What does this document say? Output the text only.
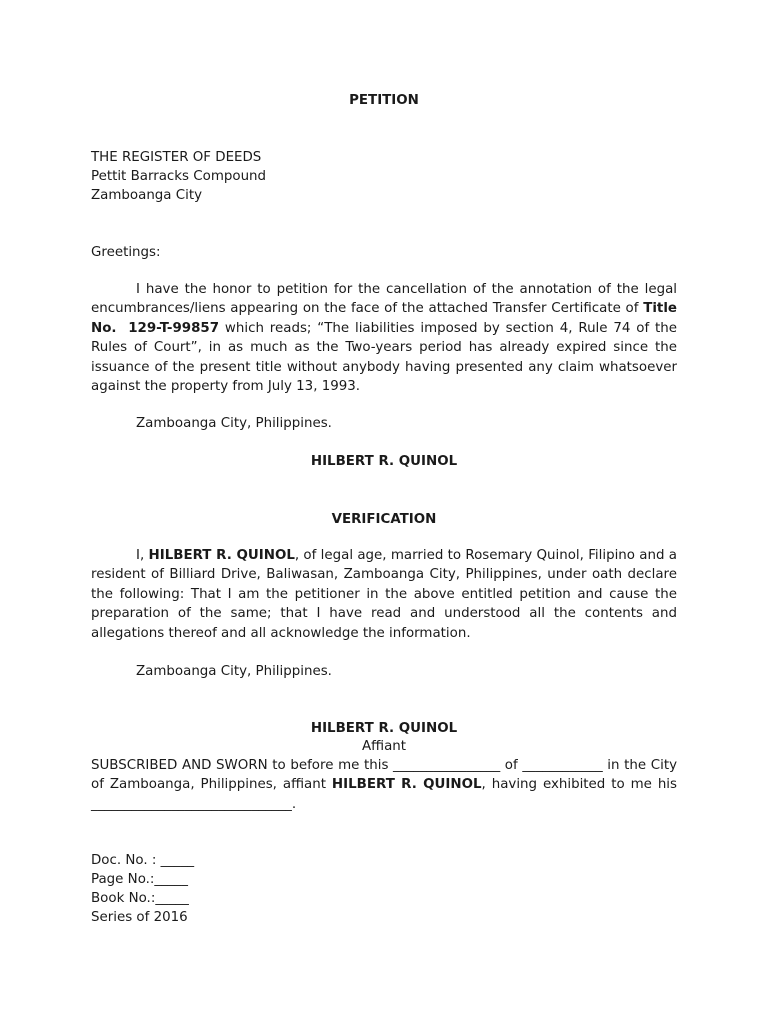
PETITION
THE REGISTER OF DEEDS
Pettit Barracks Compound
Zamboanga City
Greetings:
I have the honor to petition for the cancellation of the annotation of the legal encumbrances/liens appearing on the face of the attached Transfer Certificate of Title No. 129-T-99857 which reads; “The liabilities imposed by section 4, Rule 74 of the Rules of Court”, in as much as the Two-years period has already expired since the issuance of the present title without anybody having presented any claim whatsoever against the property from July 13, 1993.
Zamboanga City, Philippines.
HILBERT R. QUINOL
VERIFICATION
I, HILBERT R. QUINOL, of legal age, married to Rosemary Quinol, Filipino and a resident of Billiard Drive, Baliwasan, Zamboanga City, Philippines, under oath declare the following: That I am the petitioner in the above entitled petition and cause the preparation of the same; that I have read and understood all the contents and allegations thereof and all acknowledge the information.
Zamboanga City, Philippines.
HILBERT R. QUINOL
Affiant
SUBSCRIBED AND SWORN to before me this ________________ of ____________ in the City of Zamboanga, Philippines, affiant HILBERT R. QUINOL, having exhibited to me his ______________________________.
Doc. No. : _____
Page No.:_____
Book No.:_____
Series of 2016
